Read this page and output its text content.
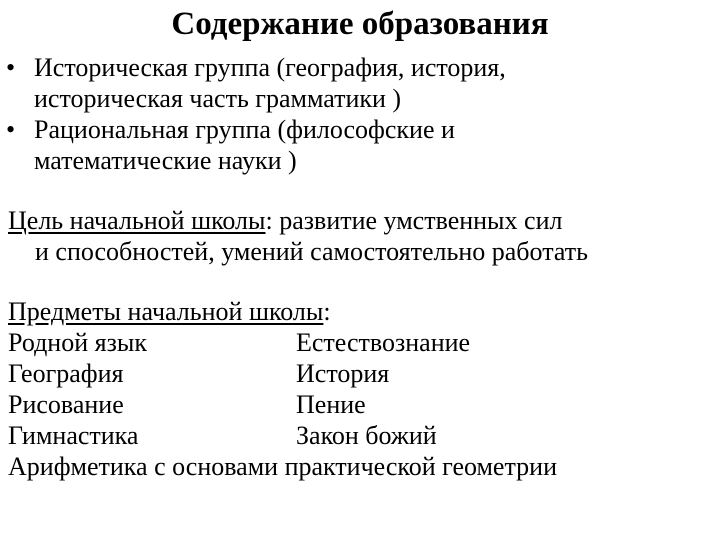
Содержание образования
• Историческая группа (география, история,
историческая часть грамматики )
• Рациональная группа (философские и
математические науки )
Цель начальной школы: развитие умственных сил
и способностей, умений самостоятельно работать
Предметы начальной школы:
Родной язык	Естествознание
География	История
Рисование	Пение
Гимнастика	Закон божий
Арифметика с основами практической геометрии
